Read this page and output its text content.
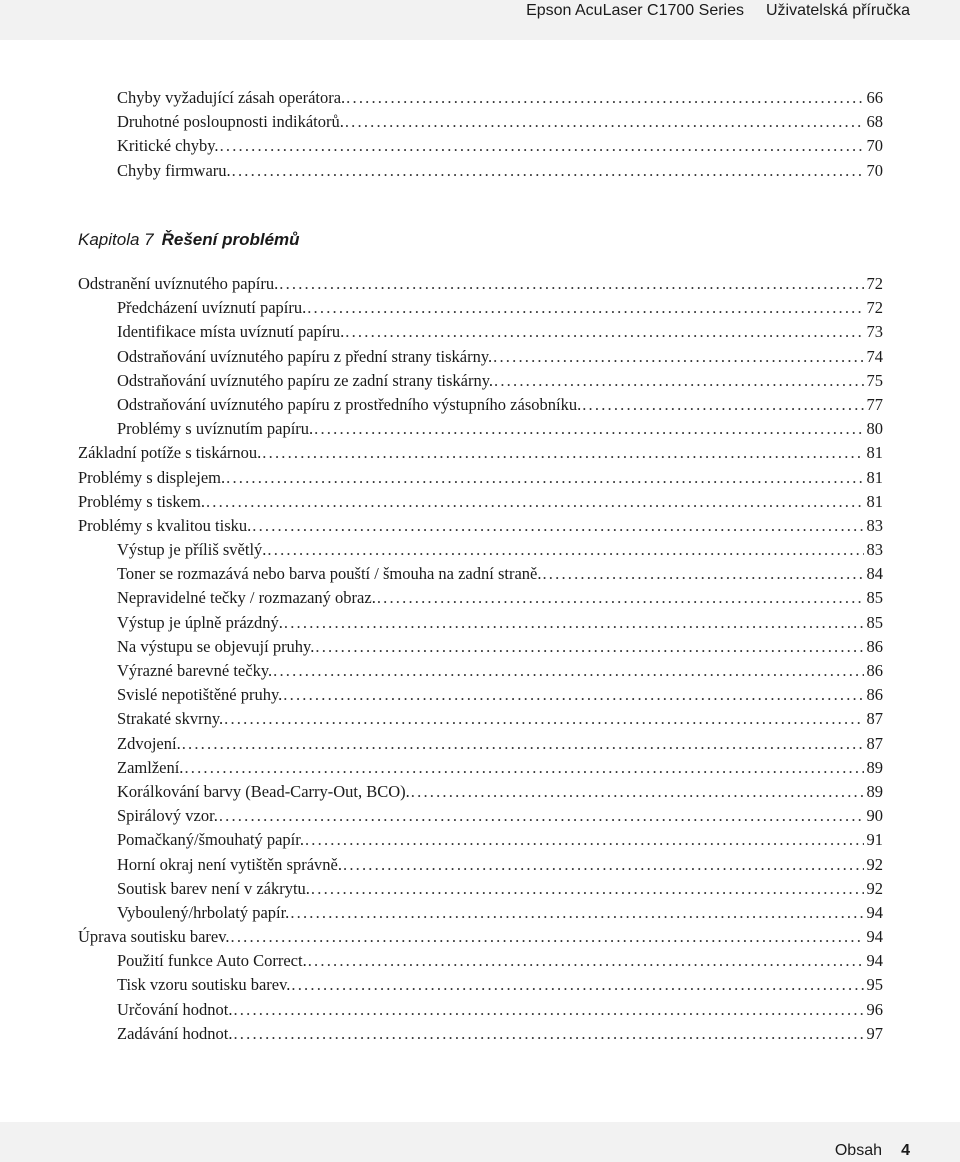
Epson AcuLaser C1700 Series Uživatelská příručka
Chyby vyžadující zásah operátora. .....	66
Druhotné posloupnosti indikátorů. .....	68
Kritické chyby. .....	70
Chyby firmwaru. .....	70
Kapitola 7 Řešení problémů
Odstranění uvíznutého papíru. .....	72
Předcházení uvíznutí papíru. .....	72
Identifikace místa uvíznutí papíru. .....	73
Odstraňování uvíznutého papíru z přední strany tiskárny. .....	74
Odstraňování uvíznutého papíru ze zadní strany tiskárny. .....	75
Odstraňování uvíznutého papíru z prostředního výstupního zásobníku. .....	77
Problémy s uvíznutím papíru. .....	80
Základní potíže s tiskárnou. .....	81
Problémy s displejem. .....	81
Problémy s tiskem. .....	81
Problémy s kvalitou tisku. .....	83
Výstup je příliš světlý. .....	83
Toner se rozmazává nebo barva pouští / šmouha na zadní straně. .....	84
Nepravidelné tečky / rozmazaný obraz. .....	85
Výstup je úplně prázdný. .....	85
Na výstupu se objevují pruhy. .....	86
Výrazné barevné tečky. .....	86
Svislé nepotištěné pruhy. .....	86
Strakaté skvrny. .....	87
Zdvojení. .....	87
Zamlžení. .....	89
Korálkování barvy (Bead-Carry-Out, BCO). .....	89
Spirálový vzor. .....	90
Pomačkaný/šmouhatý papír. .....	91
Horní okraj není vytištěn správně. .....	92
Soutisk barev není v zákrytu. .....	92
Vyboulený/hrbolatý papír. .....	94
Úprava soutisku barev. .....	94
Použití funkce Auto Correct. .....	94
Tisk vzoru soutisku barev. .....	95
Určování hodnot. .....	96
Zadávání hodnot. .....	97
Obsah 4
